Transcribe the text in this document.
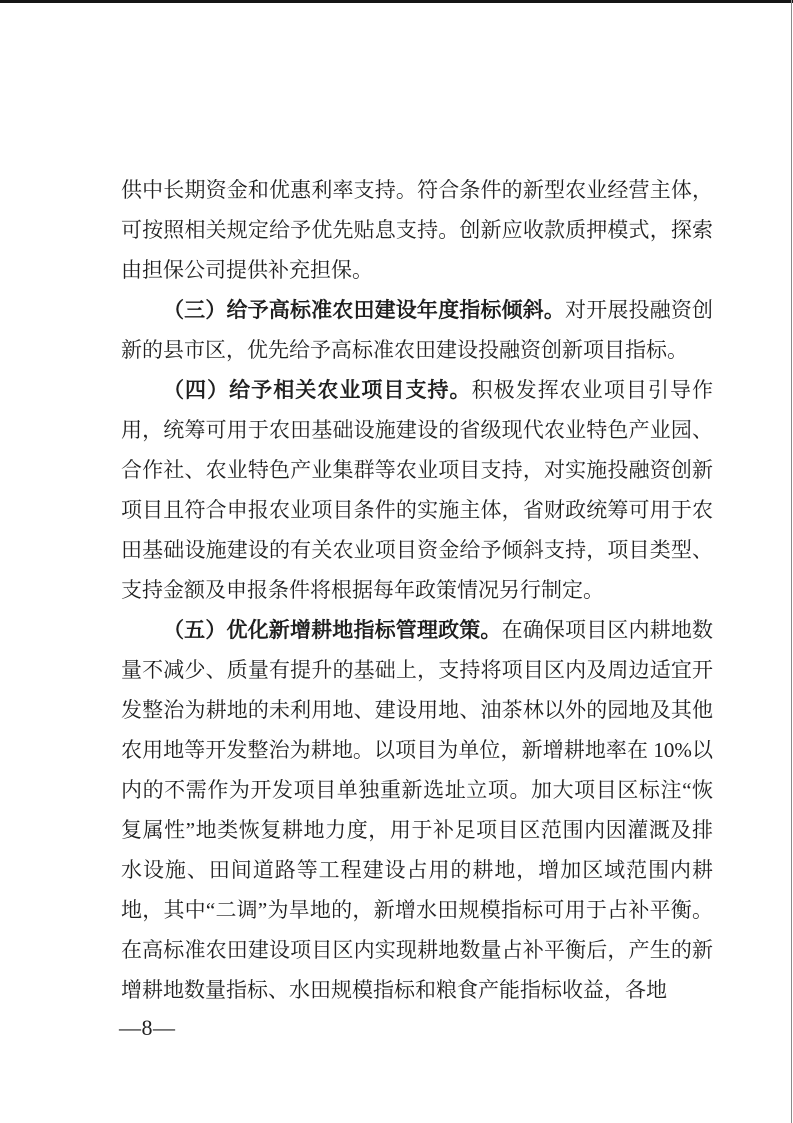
供中长期资金和优惠利率支持。符合条件的新型农业经营主体，可按照相关规定给予优先贴息支持。创新应收款质押模式，探索由担保公司提供补充担保。

（三）给予高标准农田建设年度指标倾斜。对开展投融资创新的县市区，优先给予高标准农田建设投融资创新项目指标。

（四）给予相关农业项目支持。积极发挥农业项目引导作用，统筹可用于农田基础设施建设的省级现代农业特色产业园、合作社、农业特色产业集群等农业项目支持，对实施投融资创新项目且符合申报农业项目条件的实施主体，省财政统筹可用于农田基础设施建设的有关农业项目资金给予倾斜支持，项目类型、支持金额及申报条件将根据每年政策情况另行制定。

（五）优化新增耕地指标管理政策。在确保项目区内耕地数量不减少、质量有提升的基础上，支持将项目区内及周边适宜开发整治为耕地的未利用地、建设用地、油茶林以外的园地及其他农用地等开发整治为耕地。以项目为单位，新增耕地率在 10%以内的不需作为开发项目单独重新选址立项。加大项目区标注“恢复属性”地类恢复耕地力度，用于补足项目区范围内因灌溉及排水设施、田间道路等工程建设占用的耕地，增加区域范围内耕地，其中“二调”为旱地的，新增水田规模指标可用于占补平衡。在高标准农田建设项目区内实现耕地数量占补平衡后，产生的新增耕地数量指标、水田规模指标和粮食产能指标收益，各地

—8—
